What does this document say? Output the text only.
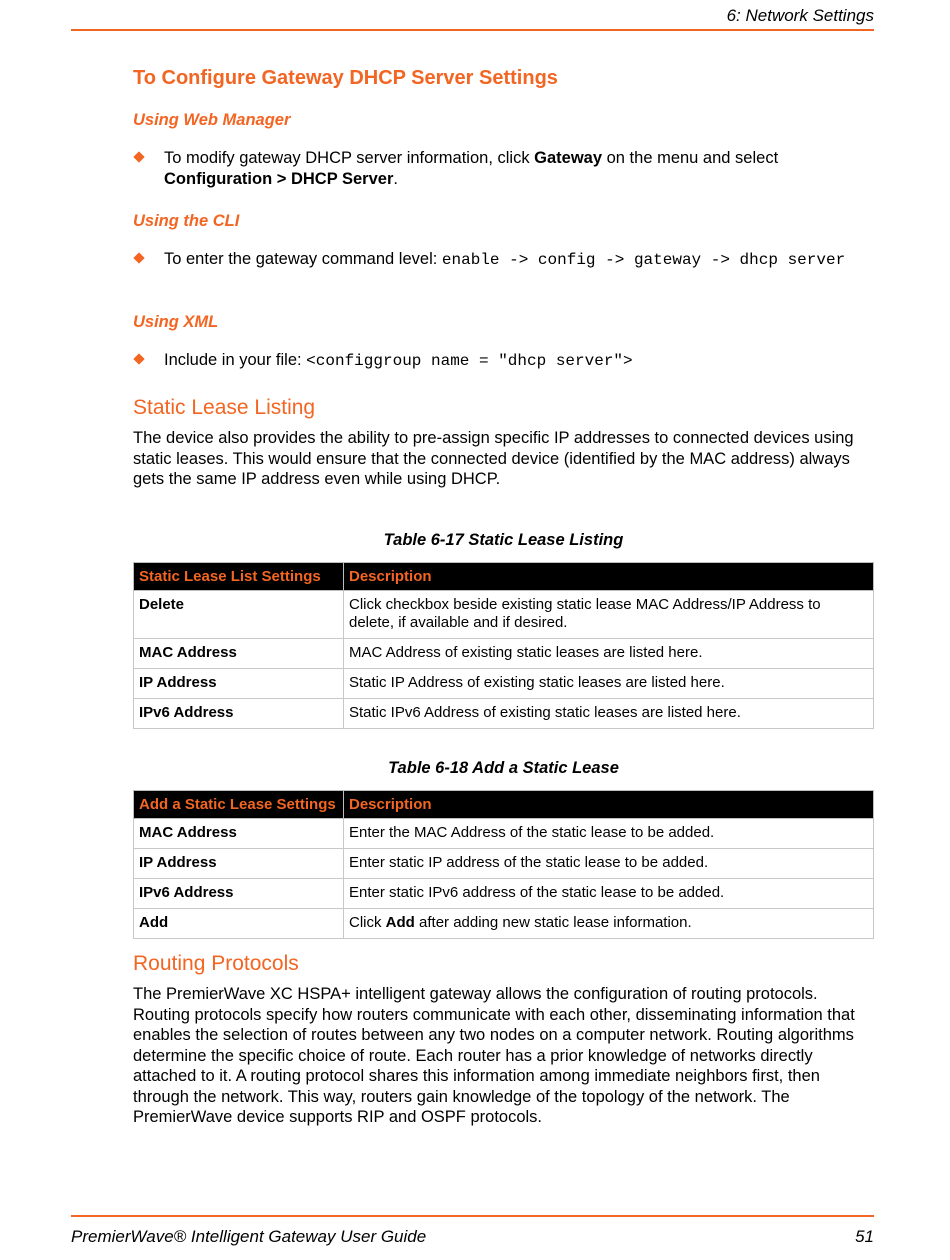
6: Network Settings
To Configure Gateway DHCP Server Settings
Using Web Manager
To modify gateway DHCP server information, click Gateway on the menu and select Configuration > DHCP Server.
Using the CLI
To enter the gateway command level: enable -> config -> gateway -> dhcp server
Using XML
Include in your file: <configgroup name = "dhcp server">
Static Lease Listing
The device also provides the ability to pre-assign specific IP addresses to connected devices using static leases. This would ensure that the connected device (identified by the MAC address) always gets the same IP address even while using DHCP.
Table 6-17 Static Lease Listing
Static Lease List Settings	Description
Delete	Click checkbox beside existing static lease MAC Address/IP Address to delete, if available and if desired.
MAC Address	MAC Address of existing static leases are listed here.
IP Address	Static IP Address of existing static leases are listed here.
IPv6 Address	Static IPv6 Address of existing static leases are listed here.
Table 6-18 Add a Static Lease
Add a Static Lease Settings	Description
MAC Address	Enter the MAC Address of the static lease to be added.
IP Address	Enter static IP address of the static lease to be added.
IPv6 Address	Enter static IPv6 address of the static lease to be added.
Add	Click Add after adding new static lease information.
Routing Protocols
The PremierWave XC HSPA+ intelligent gateway allows the configuration of routing protocols. Routing protocols specify how routers communicate with each other, disseminating information that enables the selection of routes between any two nodes on a computer network. Routing algorithms determine the specific choice of route. Each router has a prior knowledge of networks directly attached to it. A routing protocol shares this information among immediate neighbors first, then through the network. This way, routers gain knowledge of the topology of the network. The PremierWave device supports RIP and OSPF protocols.
PremierWave® Intelligent Gateway User Guide	51
